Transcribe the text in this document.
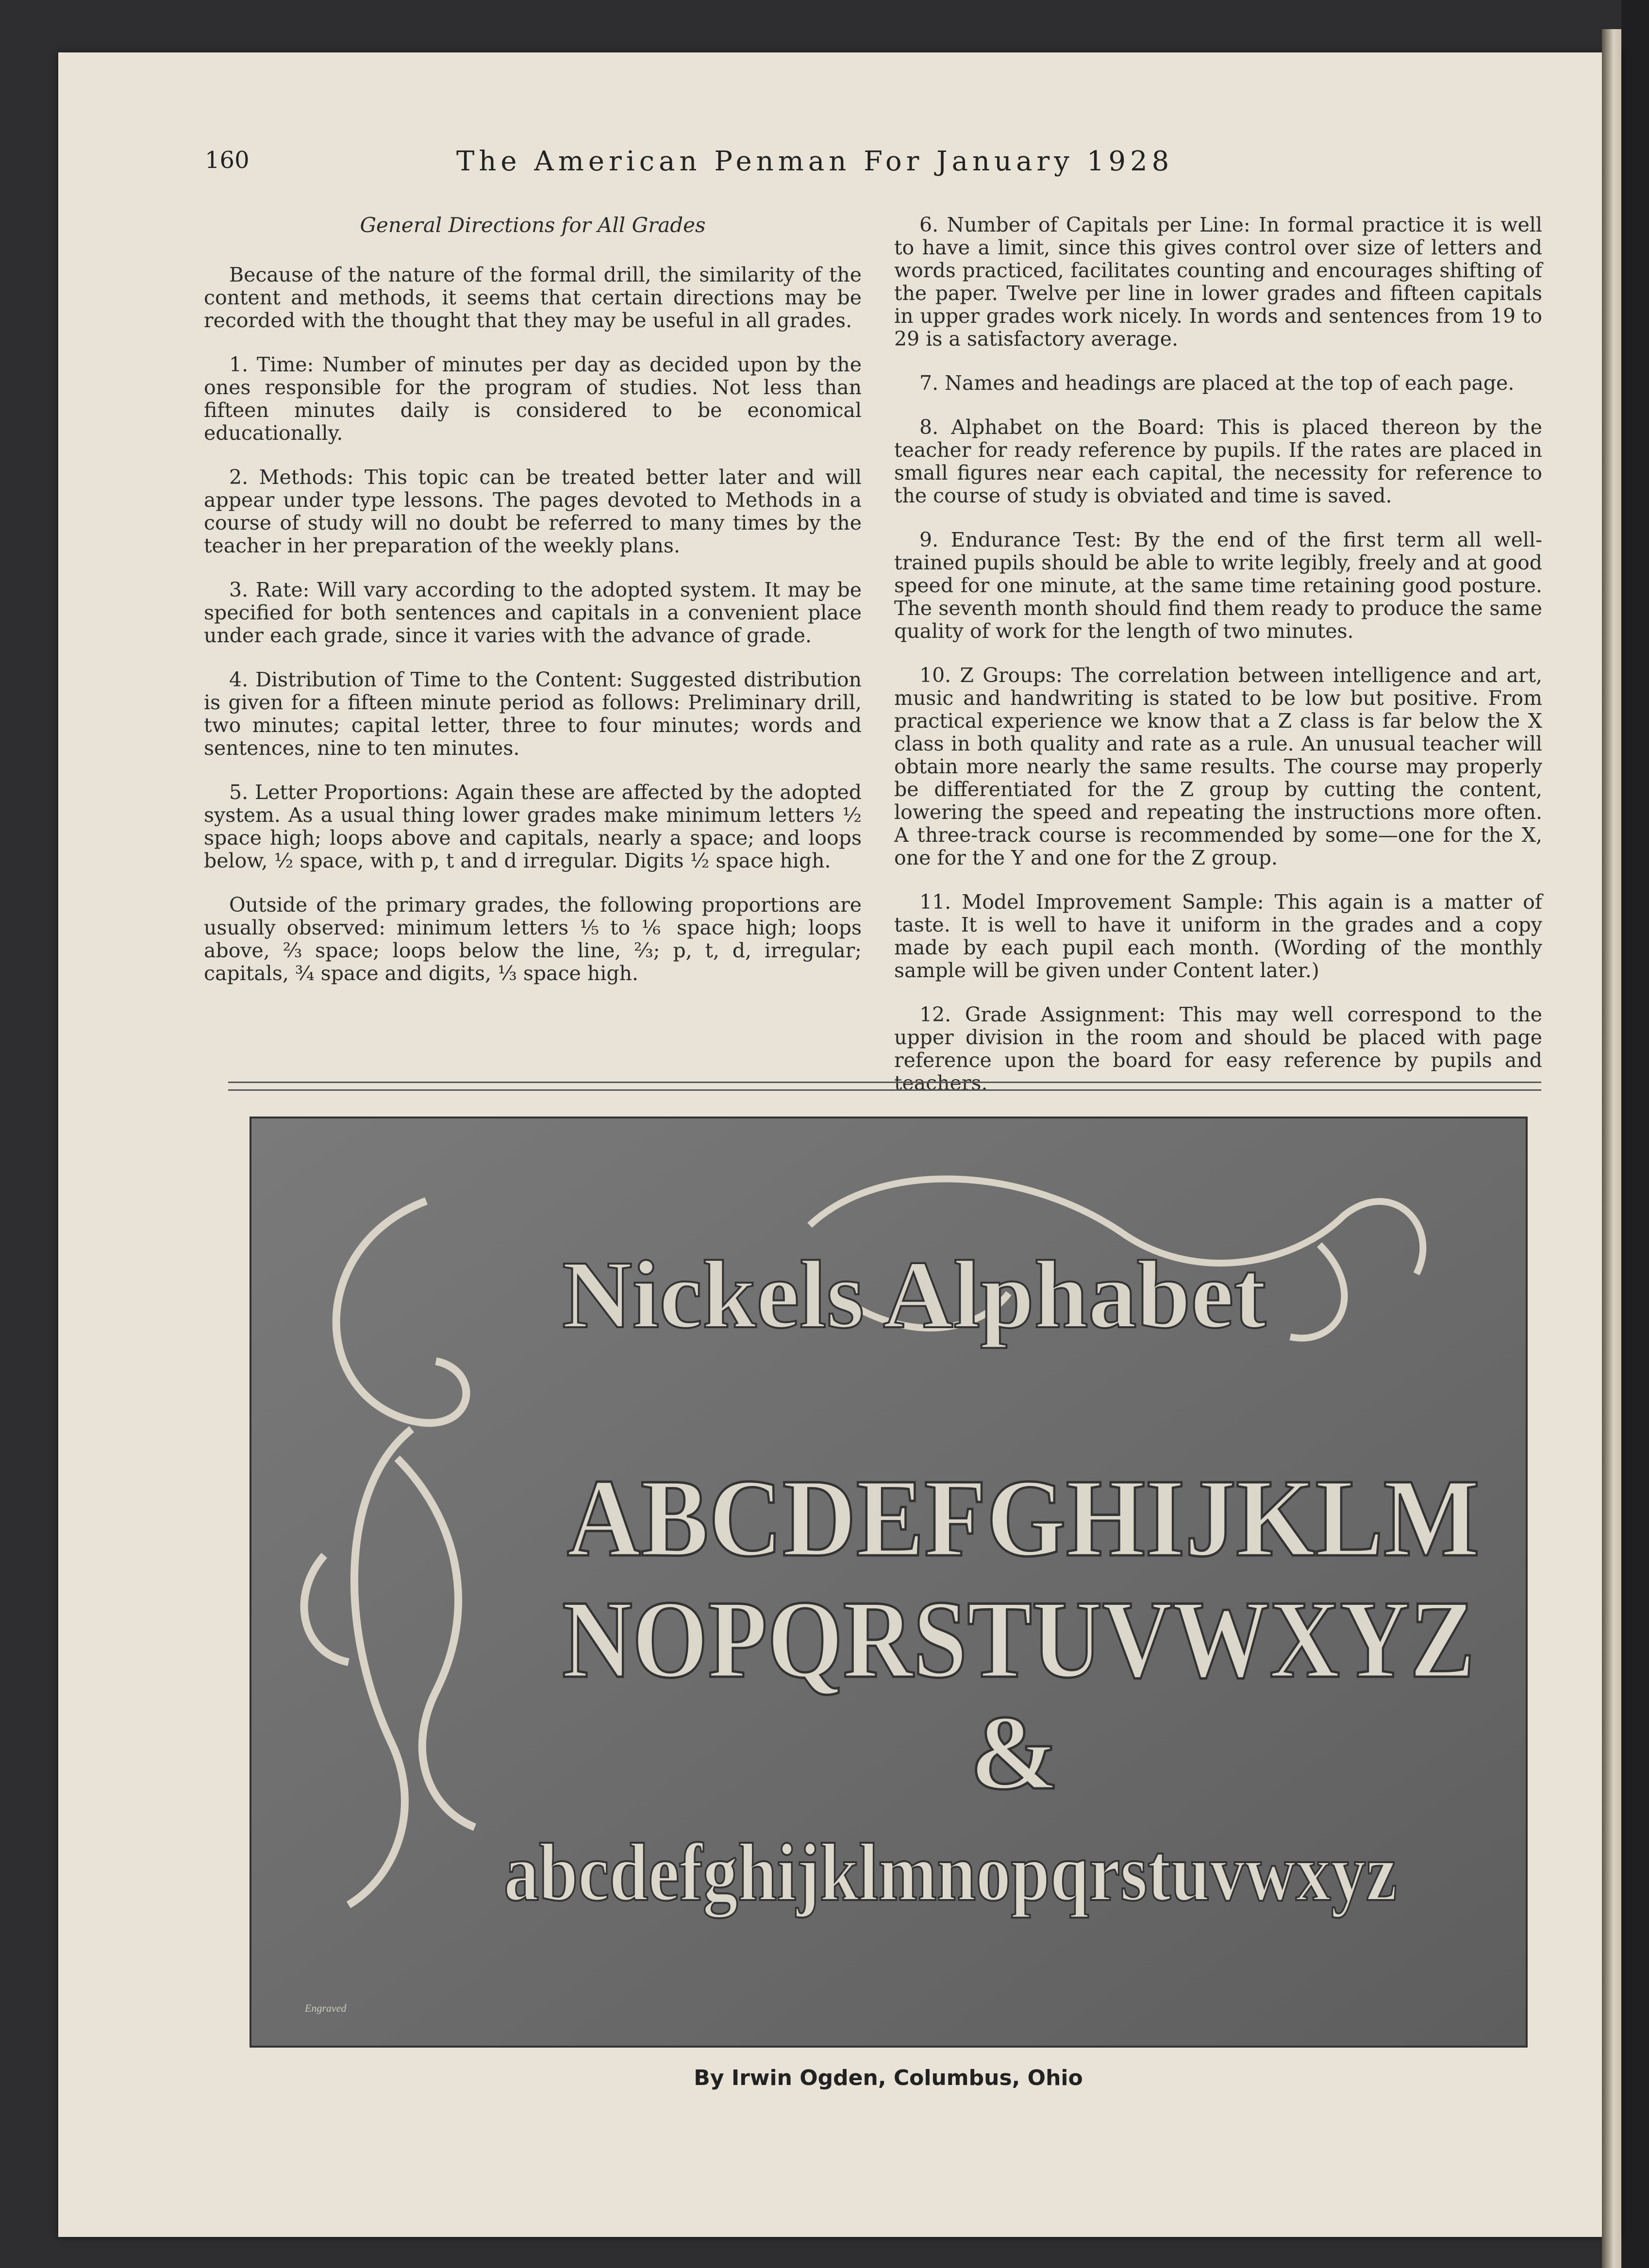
160	The American Penman For January 1928
General Directions for All Grades

Because of the nature of the formal drill, the similarity of the content and methods, it seems that certain directions may be recorded with the thought that they may be useful in all grades.

1. Time: Number of minutes per day as decided upon by the ones responsible for the program of studies. Not less than fifteen minutes daily is considered to be economical educationally.

2. Methods: This topic can be treated better later and will appear under type lessons. The pages devoted to Methods in a course of study will no doubt be referred to many times by the teacher in her preparation of the weekly plans.

3. Rate: Will vary according to the adopted system. It may be specified for both sentences and capitals in a convenient place under each grade, since it varies with the advance of grade.

4. Distribution of Time to the Content: Suggested distribution is given for a fifteen minute period as follows: Preliminary drill, two minutes; capital letter, three to four minutes; words and sentences, nine to ten minutes.

5. Letter Proportions: Again these are affected by the adopted system. As a usual thing lower grades make minimum letters ½ space high; loops above and capitals, nearly a space; and loops below, ½ space, with p, t and d irregular. Digits ½ space high.

Outside of the primary grades, the following proportions are usually observed: minimum letters ⅕ to ⅙ space high; loops above, ⅔ space; loops below the line, ⅔; p, t, d, irregular; capitals, ¾ space and digits, ⅓ space high.

6. Number of Capitals per Line: In formal practice it is well to have a limit, since this gives control over size of letters and words practiced, facilitates counting and encourages shifting of the paper. Twelve per line in lower grades and fifteen capitals in upper grades work nicely. In words and sentences from 19 to 29 is a satisfactory average.

7. Names and headings are placed at the top of each page.

8. Alphabet on the Board: This is placed thereon by the teacher for ready reference by pupils. If the rates are placed in small figures near each capital, the necessity for reference to the course of study is obviated and time is saved.

9. Endurance Test: By the end of the first term all well-trained pupils should be able to write legibly, freely and at good speed for one minute, at the same time retaining good posture. The seventh month should find them ready to produce the same quality of work for the length of two minutes.

10. Z Groups: The correlation between intelligence and art, music and handwriting is stated to be low but positive. From practical experience we know that a Z class is far below the X class in both quality and rate as a rule. An unusual teacher will obtain more nearly the same results. The course may properly be differentiated for the Z group by cutting the content, lowering the speed and repeating the instructions more often. A three-track course is recommended by some—one for the X, one for the Y and one for the Z group.

11. Model Improvement Sample: This again is a matter of taste. It is well to have it uniform in the grades and a copy made by each pupil each month. (Wording of the monthly sample will be given under Content later.)

12. Grade Assignment: This may well correspond to the upper division in the room and should be placed with page reference upon the board for easy reference by pupils and teachers.

Nickels Alphabet
ABCDEFGHIJKLM
NOPQRSTUVWXYZ
&
abcdefghijklmnopqrstuvwxyz
Engraved
By Irwin Ogden, Columbus, Ohio
